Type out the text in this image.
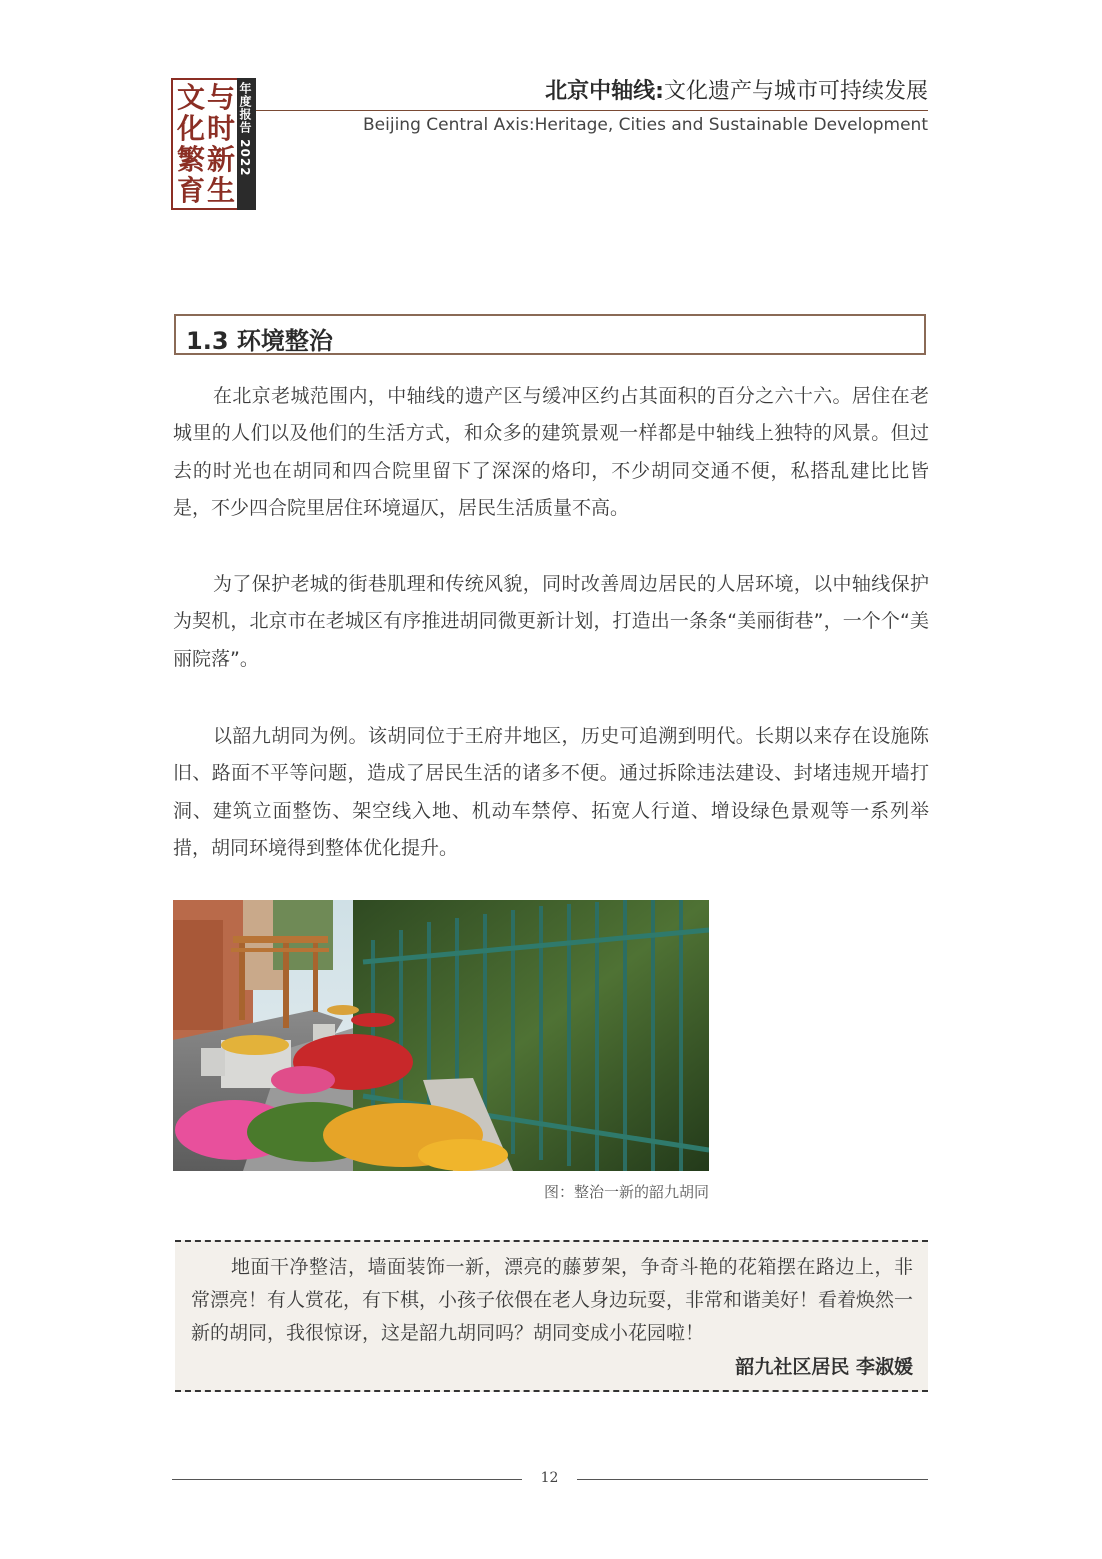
文 与
化 时
繁 新
育 生
年度报告 2022	北京中轴线:文化遗产与城市可持续发展
Beijing Central Axis:Heritage, Cities and Sustainable Development
1.3 环境整治

在北京老城范围内，中轴线的遗产区与缓冲区约占其面积的百分之六十六。居住在老城里的人们以及他们的生活方式，和众多的建筑景观一样都是中轴线上独特的风景。但过去的时光也在胡同和四合院里留下了深深的烙印，不少胡同交通不便，私搭乱建比比皆是，不少四合院里居住环境逼仄，居民生活质量不高。

为了保护老城的街巷肌理和传统风貌，同时改善周边居民的人居环境，以中轴线保护为契机，北京市在老城区有序推进胡同微更新计划，打造出一条条“美丽街巷”，一个个“美丽院落”。

以韶九胡同为例。该胡同位于王府井地区，历史可追溯到明代。长期以来存在设施陈旧、路面不平等问题，造成了居民生活的诸多不便。通过拆除违法建设、封堵违规开墙打洞、建筑立面整饬、架空线入地、机动车禁停、拓宽人行道、增设绿色景观等一系列举措，胡同环境得到整体优化提升。

图：整治一新的韶九胡同

地面干净整洁，墙面装饰一新，漂亮的藤萝架，争奇斗艳的花箱摆在路边上，非常漂亮！有人赏花，有下棋，小孩子依偎在老人身边玩耍，非常和谐美好！看着焕然一新的胡同，我很惊讶，这是韶九胡同吗？胡同变成小花园啦！

韶九社区居民 李淑媛
12
